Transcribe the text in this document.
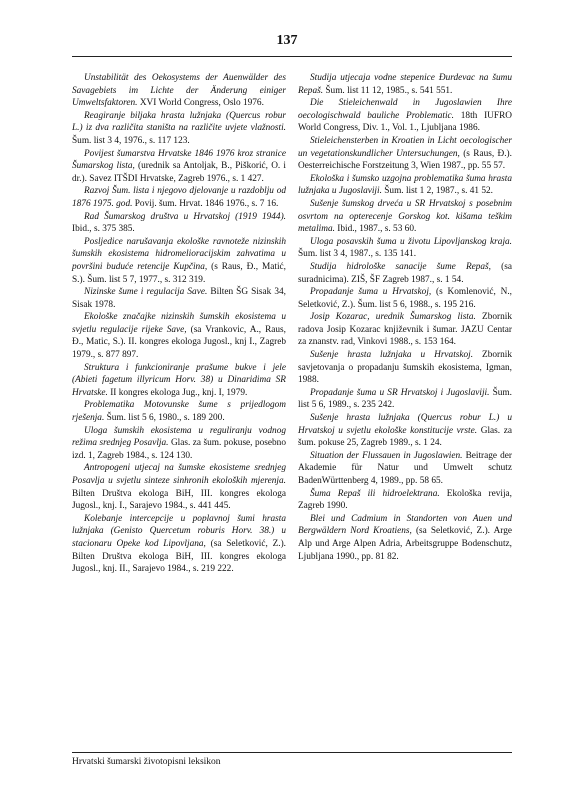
137

Unstabilität des Oekosystems der Auenwälder des Savagebiets im Lichte der Änderung einiger Umweltsfaktoren. XVI World Congress, Oslo 1976.

Reagiranje biljaka hrasta lužnjaka (Quercus robur L.) iz dva različita staništa na različite uvjete vlažnosti. Šum. list 3 4, 1976., s. 117 123.

Povijest šumarstva Hrvatske 1846 1976 kroz stranice Šumarskog lista, (urednik sa Antoljak, B., Piškorić, O. i dr.). Savez ITŠDI Hrvatske, Zagreb 1976., s. 1 427.

Razvoj Šum. lista i njegovo djelovanje u razdoblju od 1876 1975. god. Povij. šum. Hrvat. 1846 1976., s. 7 16.

Rad Šumarskog društva u Hrvatskoj (1919 1944). Ibid., s. 375 385.

Posljedice narušavanja ekološke ravnoteže nizinskih šumskih ekosistema hidromelioracijskim zahvatima u površini buduće retencije Kupčina, (s Raus, Đ., Matić, S.). Šum. list 5 7, 1977., s. 312 319.

Nizinske šume i regulacija Save. Bilten ŠG Sisak 34, Sisak 1978.

Ekološke značajke nizinskih šumskih ekosistema u svjetlu regulacije rijeke Save, (sa Vrankovic, A., Raus, Đ., Matic, S.). II. kongres ekologa Jugosl., knj I., Zagreb 1979., s. 877 897.

Struktura i funkcioniranje prašume bukve i jele (Abieti fagetum illyricum Horv. 38) u Dinaridima SR Hrvatske. II kongres ekologa Jug., knj. I, 1979.

Problematika Motovunske šume s prijedlogom rješenja. Šum. list 5 6, 1980., s. 189 200.

Uloga šumskih ekosistema u reguliranju vodnog režima srednjeg Posavlja. Glas. za šum. pokuse, posebno izd. 1, Zagreb 1984., s. 124 130.

Antropogeni utjecaj na šumske ekosisteme srednjeg Posavlja u svjetlu sinteze sinhronih ekoloških mjerenja. Bilten Društva ekologa BiH, III. kongres ekologa Jugosl., knj. I., Sarajevo 1984., s. 441 445.

Kolebanje intercepcije u poplavnoj šumi hrasta lužnjaka (Genisto Quercetum roburis Horv. 38.) u stacionaru Opeke kod Lipovljana, (sa Seletković, Z.). Bilten Društva ekologa BiH, III. kongres ekologa Jugosl., knj. II., Sarajevo 1984., s. 219 222.

Studija utjecaja vodne stepenice Đurdevac na šumu Repaš. Šum. list 11 12, 1985., s. 541 551.

Die Stieleichenwald in Jugoslawien Ihre oecologischwald bauliche Problematic. 18th IUFRO World Congress, Div. 1., Vol. 1., Ljubljana 1986.

Stieleichensterben in Kroatien in Licht oecologischer un vegetationskundlicher Untersuchungen, (s Raus, Đ.). Oesterreichische Forstzeitung 3, Wien 1987., pp. 55 57.

Ekološka i šumsko uzgojna problematika šuma hrasta lužnjaka u Jugoslaviji. Šum. list 1 2, 1987., s. 41 52.

Sušenje šumskog drveća u SR Hrvatskoj s posebnim osvrtom na opterecenje Gorskog kot. kišama teškim metalima. Ibid., 1987., s. 53 60.

Uloga posavskih šuma u životu Lipovljanskog kraja. Šum. list 3 4, 1987., s. 135 141.

Studija hidrološke sanacije šume Repaš, (sa suradnicima). ZIŠ, ŠF Zagreb 1987., s. 1 54.

Propadanje šuma u Hrvatskoj, (s Komlenović, N., Seletković, Z.). Šum. list 5 6, 1988., s. 195 216.

Josip Kozarac, urednik Šumarskog lista. Zbornik radova Josip Kozarac književnik i šumar. JAZU Centar za znanstv. rad, Vinkovi 1988., s. 153 164.

Sušenje hrasta lužnjaka u Hrvatskoj. Zbornik savjetovanja o propadanju šumskih ekosistema, Igman, 1988.

Propadanje šuma u SR Hrvatskoj i Jugoslaviji. Šum. list 5 6, 1989., s. 235 242.

Sušenje hrasta lužnjaka (Quercus robur L.) u Hrvatskoj u svjetlu ekološke konstitucije vrste. Glas. za šum. pokuse 25, Zagreb 1989., s. 1 24.

Situation der Flussauen in Jugoslawien. Beitrage der Akademie für Natur und Umwelt schutz BadenWürttenberg 4, 1989., pp. 58 65.

Šuma Repaš ili hidroelektrana. Ekološka revija, Zagreb 1990.

Blei und Cadmium in Standorten von Auen und Bergwäldern Nord Kroatiens, (sa Seletković, Z.). Arge Alp und Arge Alpen Adria, Arbeitsgruppe Bodenschutz, Ljubljana 1990., pp. 81 82.

Hrvatski šumarski životopisni leksikon
